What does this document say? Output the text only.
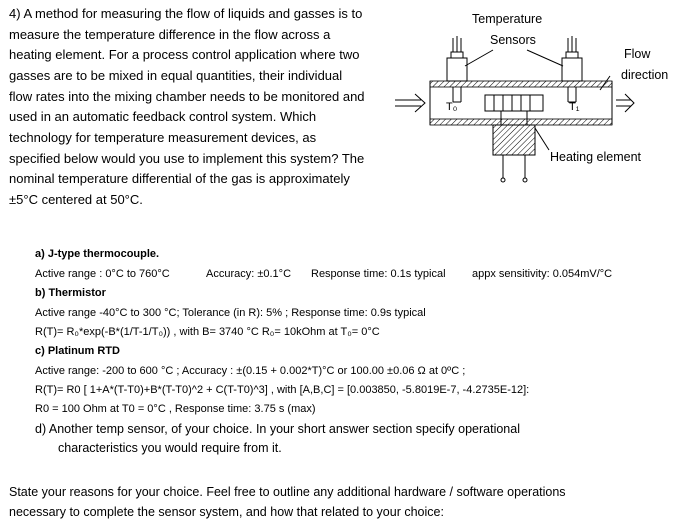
4) A method for measuring the flow of liquids and gasses is to
measure the temperature difference in the flow across a
heating element. For a process control application where two
gasses are to be mixed in equal quantities, their individual
flow rates into the mixing chamber needs to be monitored and
used in an automatic feedback control system. Which
technology for temperature measurement devices, as
specified below would you use to implement this system? The
nominal temperature differential of the gas is approximately
±5°C centered at 50°C.
Temperature
Sensors
Flow
direction
T₀	T₁
Heating element
a) J-type thermocouple.
Active range : 0°C to 760°C	Accuracy: ±0.1°C Response time: 0.1s typical appx sensitivity: 0.054mV/°C
b) Thermistor
Active range -40°C to 300 °C; Tolerance (in R): 5% ; Response time: 0.9s typical
R(T)= R₀*exp(-B*(1/T-1/T₀)) , with B= 3740 °C R₀= 10kOhm at T₀= 0°C
c) Platinum RTD
Active range: -200 to 600 °C ; Accuracy : ±(0.15 + 0.002*T)°C or 100.00 ±0.06 Ω at 0ºC ;
R(T)= R0 [ 1+A*(T-T0)+B*(T-T0)^2 + C(T-T0)^3] , with [A,B,C] = [0.003850, -5.8019E-7, -4.2735E-12]:
R0 = 100 Ohm at T0 = 0°C , Response time: 3.75 s (max)
d) Another temp sensor, of your choice. In your short answer section specify operational
characteristics you would require from it.
State your reasons for your choice. Feel free to outline any additional hardware / software operations
necessary to complete the sensor system, and how that related to your choice:
